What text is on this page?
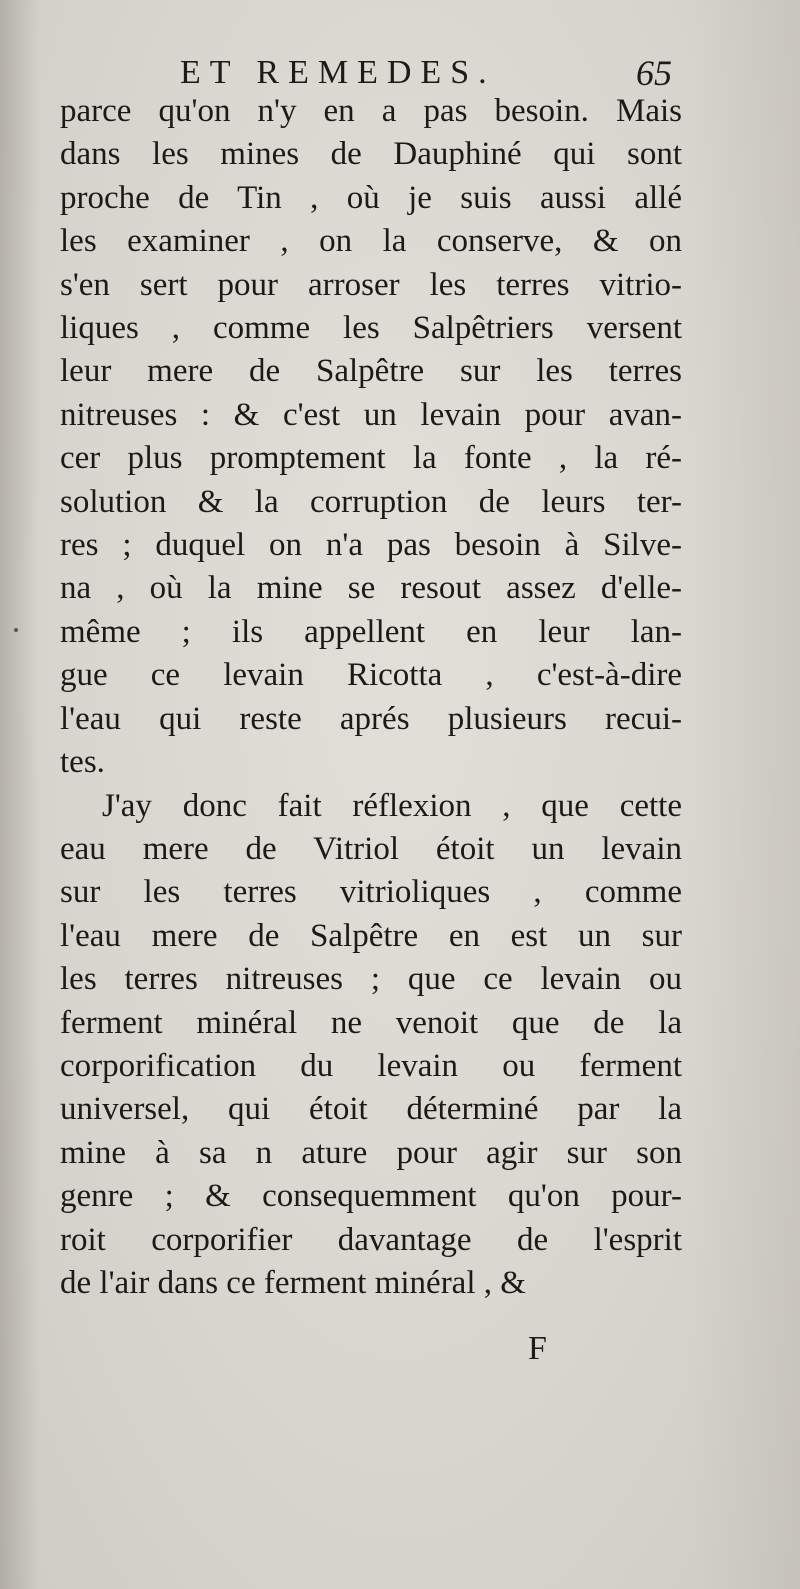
ET REMEDES.	65
parce qu'on n'y en a pas besoin. Mais
dans les mines de Dauphiné qui sont
proche de Tin , où je suis aussi allé
les examiner , on la conserve, & on
s'en sert pour arroser les terres vitrio-
liques , comme les Salpêtriers versent
leur mere de Salpêtre sur les terres
nitreuses : & c'est un levain pour avan-
cer plus promptement la fonte , la ré-
solution & la corruption de leurs ter-
res ; duquel on n'a pas besoin à Silve-
na , où la mine se resout assez d'elle-
même ; ils appellent en leur lan-
gue ce levain Ricotta , c'est-à-dire
l'eau qui reste aprés plusieurs recui-
tes.
J'ay donc fait réflexion , que cette
eau mere de Vitriol étoit un levain
sur les terres vitrioliques , comme
l'eau mere de Salpêtre en est un sur
les terres nitreuses ; que ce levain ou
ferment minéral ne venoit que de la
corporification du levain ou ferment
universel, qui étoit déterminé par la
mine à sa n ature pour agir sur son
genre ; & consequemment qu'on pour-
roit corporifier davantage de l'esprit
de l'air dans ce ferment minéral , &
F
